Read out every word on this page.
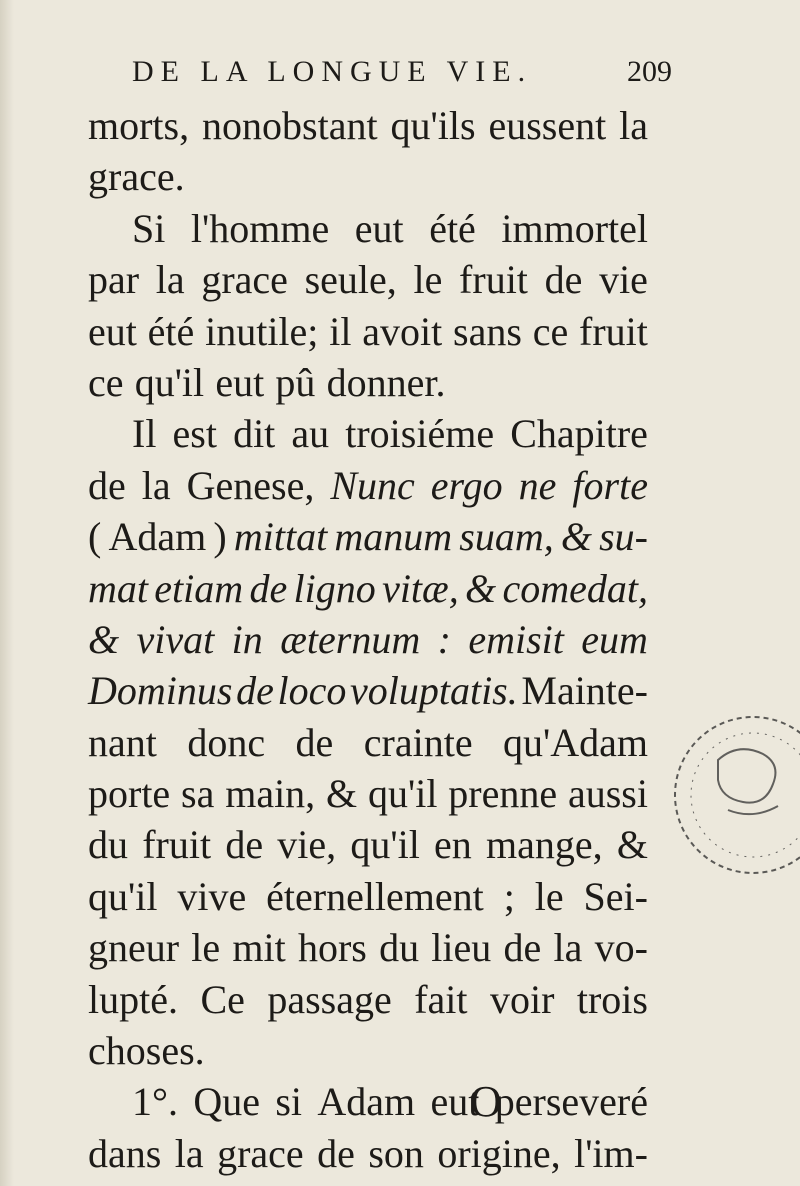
DE LA LONGUE VIE.	209
morts, nonobstant qu'ils eussent la
grace.
Si l'homme eut été immortel
par la grace seule, le fruit de vie
eut été inutile; il avoit sans ce fruit
ce qu'il eut pû donner.
Il est dit au troisiéme Chapitre
de la Genese, Nunc ergo ne forte
( Adam ) mittat manum suam, & su-
mat etiam de ligno vitæ, & comedat,
& vivat in æternum : emisit eum
Dominus de loco voluptatis. Mainte-
nant donc de crainte qu'Adam
porte sa main, & qu'il prenne aussi
du fruit de vie, qu'il en mange, &
qu'il vive éternellement ; le Sei-
gneur le mit hors du lieu de la vo-
lupté. Ce passage fait voir trois
choses.
1°. Que si Adam eut perseveré
dans la grace de son origine, l'im-
O
